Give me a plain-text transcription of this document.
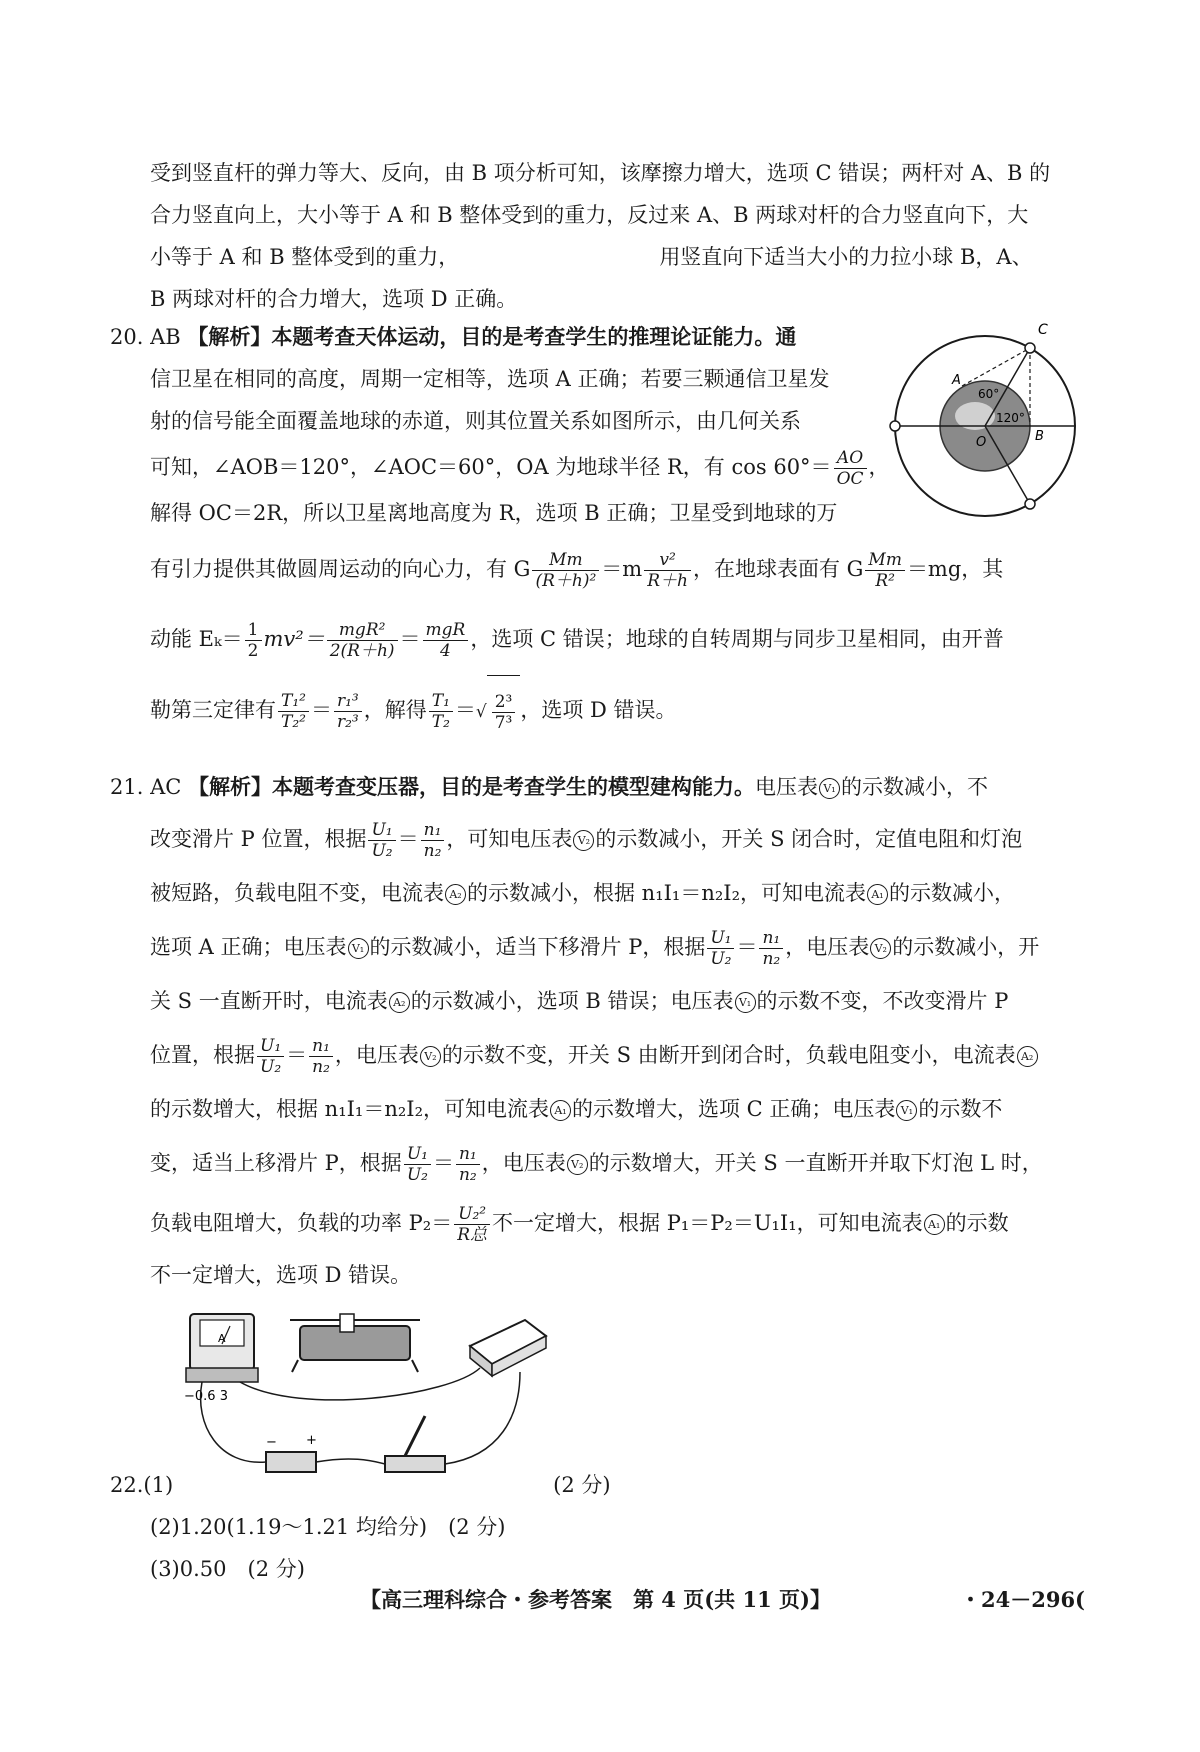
受到竖直杆的弹力等大、反向，由 B 项分析可知，该摩擦力增大，选项 C 错误；两杆对 A、B 的
合力竖直向上，大小等于 A 和 B 整体受到的重力，反过来 A、B 两球对杆的合力竖直向下，大
小等于 A 和 B 整体受到的重力，	用竖直向下适当大小的力拉小球 B，A、
B 两球对杆的合力增大，选项 D 正确。
20. AB 【解析】本题考查天体运动，目的是考查学生的推理论证能力。通
信卫星在相同的高度，周期一定相等，选项 A 正确；若要三颗通信卫星发
射的信号能全面覆盖地球的赤道，则其位置关系如图所示，由几何关系
可知，∠AOB＝120°，∠AOC＝60°，OA 为地球半径 R，有 $\cos 60^\circ= \frac{AO}{OC}$ ，
解得 OC＝2R，所以卫星离地高度为 R，选项 B 正确；卫星受到地球的万
有引力提供其做圆周运动的向心力，有 G $\frac{Mm}{\text{(R＋h)²}} =m \frac{\text{v²}}{R+h}$ ，在地球表面有 G $\frac{Mm}{\text{R²}} =mg$，其
动能 $E_k= \frac{1}{2} mv^2= \frac{\text{mgR²}}{2(R+h)} = \frac{\text{mgR}}{4}$ ，选项 C 错误；地球的自转周期与同步卫星相同，由开普
勒第三定律有 $\frac{\text{T₁²}}{\text{T₂²}} = \frac{\text{r₁³}}{\text{r₂³}}$ ，解得 $\frac{\text{T₁}}{\text{T₂}}$ ＝√ $\frac{\text{2³}}{\text{7³}}$ ，选项 D 错误。
C
A
B
O
60°
120°
21. AC 【解析】本题考查变压器，目的是考查学生的模型建构能力。电压表 V₁ 的示数减小，不
改变滑片 P 位置，根据 $\frac{\text{U₁}}{\text{U₂}} = \frac{\text{n₁}}{\text{n₂}}$ ，可知电压表 V₂ 的示数减小，开关 S 闭合时，定值电阻和灯泡
被短路，负载电阻不变，电流表 A₂ 的示数减小，根据 n₁I₁＝n₂I₂，可知电流表 A₁ 的示数减小，
选项 A 正确；电压表 V₁ 的示数减小，适当下移滑片 P，根据 $\frac{\text{U₁}}{\text{U₂}} = \frac{\text{n₁}}{\text{n₂}}$ ，电压表 V₂ 的示数减小，开
关 S 一直断开时，电流表 A₂ 的示数减小，选项 B 错误；电压表 V₁ 的示数不变，不改变滑片 P
位置，根据 $\frac{\text{U₁}}{\text{U₂}} = \frac{\text{n₁}}{\text{n₂}}$ ，电压表 V₂ 的示数不变，开关 S 由断开到闭合时，负载电阻变小，电流表 A₂
的示数增大，根据 n₁I₁＝n₂I₂，可知电流表 A₁ 的示数增大，选项 C 正确；电压表 V₁ 的示数不
变，适当上移滑片 P，根据 $\frac{\text{U₁}}{\text{U₂}} = \frac{\text{n₁}}{\text{n₂}}$ ，电压表 V₂ 的示数增大，开关 S 一直断开并取下灯泡 L 时，
负载电阻增大，负载的功率 $P_2= \frac{\text{U₂²}}{\text{R总}}$ 不一定增大，根据 P₁＝P₂＝U₁I₁，可知电流表 A₁ 的示数
不一定增大，选项 D 错误。
A
−0.6 3
− +
22.(1)	(2 分)
(2)1.20(1.19～1.21 均给分)　(2 分)
(3)0.50　(2 分)
【高三理科综合・参考答案　第 4 页(共 11 页)】	・24－296(
